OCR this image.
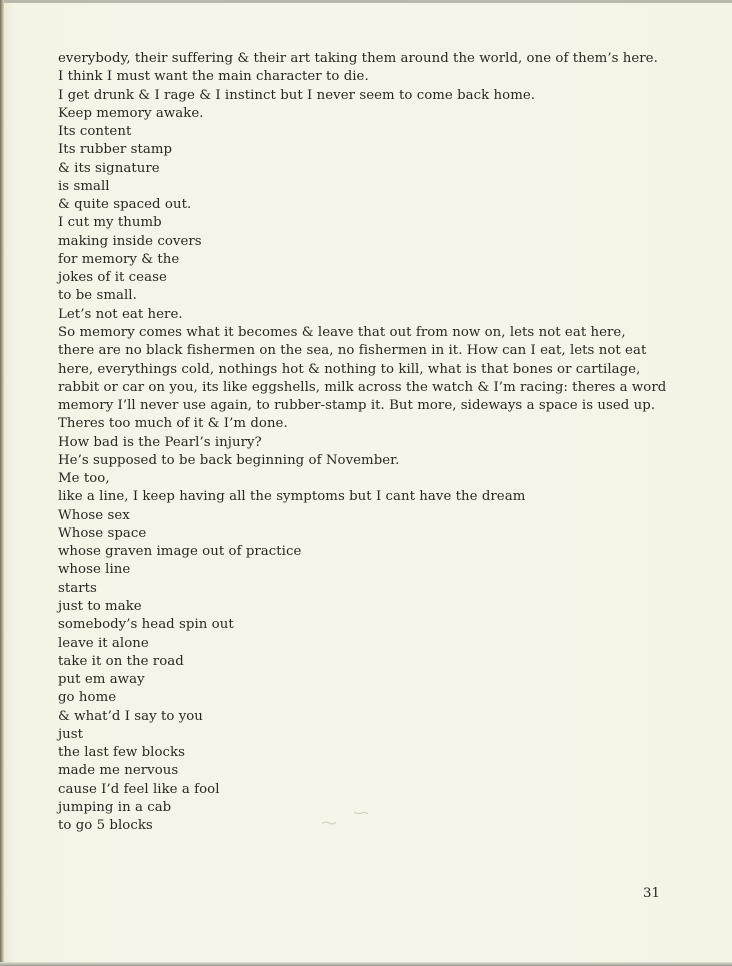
everybody, their suffering & their art taking them around the world, one of them’s here.
I think I must want the main character to die.
I get drunk & I rage & I instinct but I never seem to come back home.
Keep memory awake.
Its content
Its rubber stamp
& its signature
is small
& quite spaced out.
I cut my thumb
making inside covers
for memory & the
jokes of it cease
to be small.
Let’s not eat here.
So memory comes what it becomes & leave that out from now on, lets not eat here,
there are no black fishermen on the sea, no fishermen in it. How can I eat, lets not eat
here, everythings cold, nothings hot & nothing to kill, what is that bones or cartilage,
rabbit or car on you, its like eggshells, milk across the watch & I’m racing: theres a word
memory I’ll never use again, to rubber-stamp it. But more, sideways a space is used up.
Theres too much of it & I’m done.
How bad is the Pearl’s injury?
He’s supposed to be back beginning of November.
Me too,
like a line, I keep having all the symptoms but I cant have the dream
Whose sex
Whose space
whose graven image out of practice
whose line
starts
just to make
somebody’s head spin out
leave it alone
take it on the road
put em away
go home
& what’d I say to you
just
the last few blocks
made me nervous
cause I’d feel like a fool
jumping in a cab
to go 5 blocks
31
